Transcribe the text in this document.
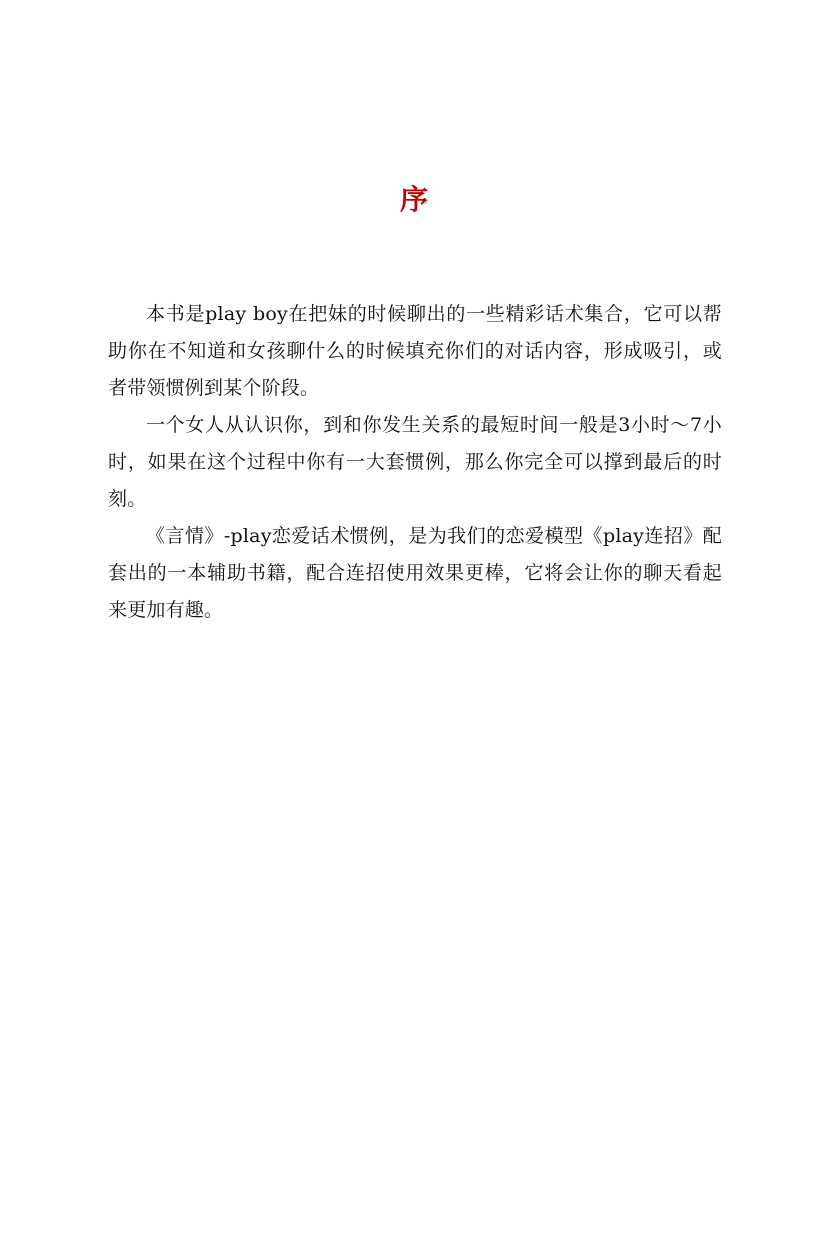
序

本书是play boy在把妹的时候聊出的一些精彩话术集合，它可以帮助你在不知道和女孩聊什么的时候填充你们的对话内容，形成吸引，或者带领惯例到某个阶段。

一个女人从认识你，到和你发生关系的最短时间一般是3小时～7小时，如果在这个过程中你有一大套惯例，那么你完全可以撑到最后的时刻。

《言情》-play恋爱话术惯例，是为我们的恋爱模型《play连招》配套出的一本辅助书籍，配合连招使用效果更棒，它将会让你的聊天看起来更加有趣。
